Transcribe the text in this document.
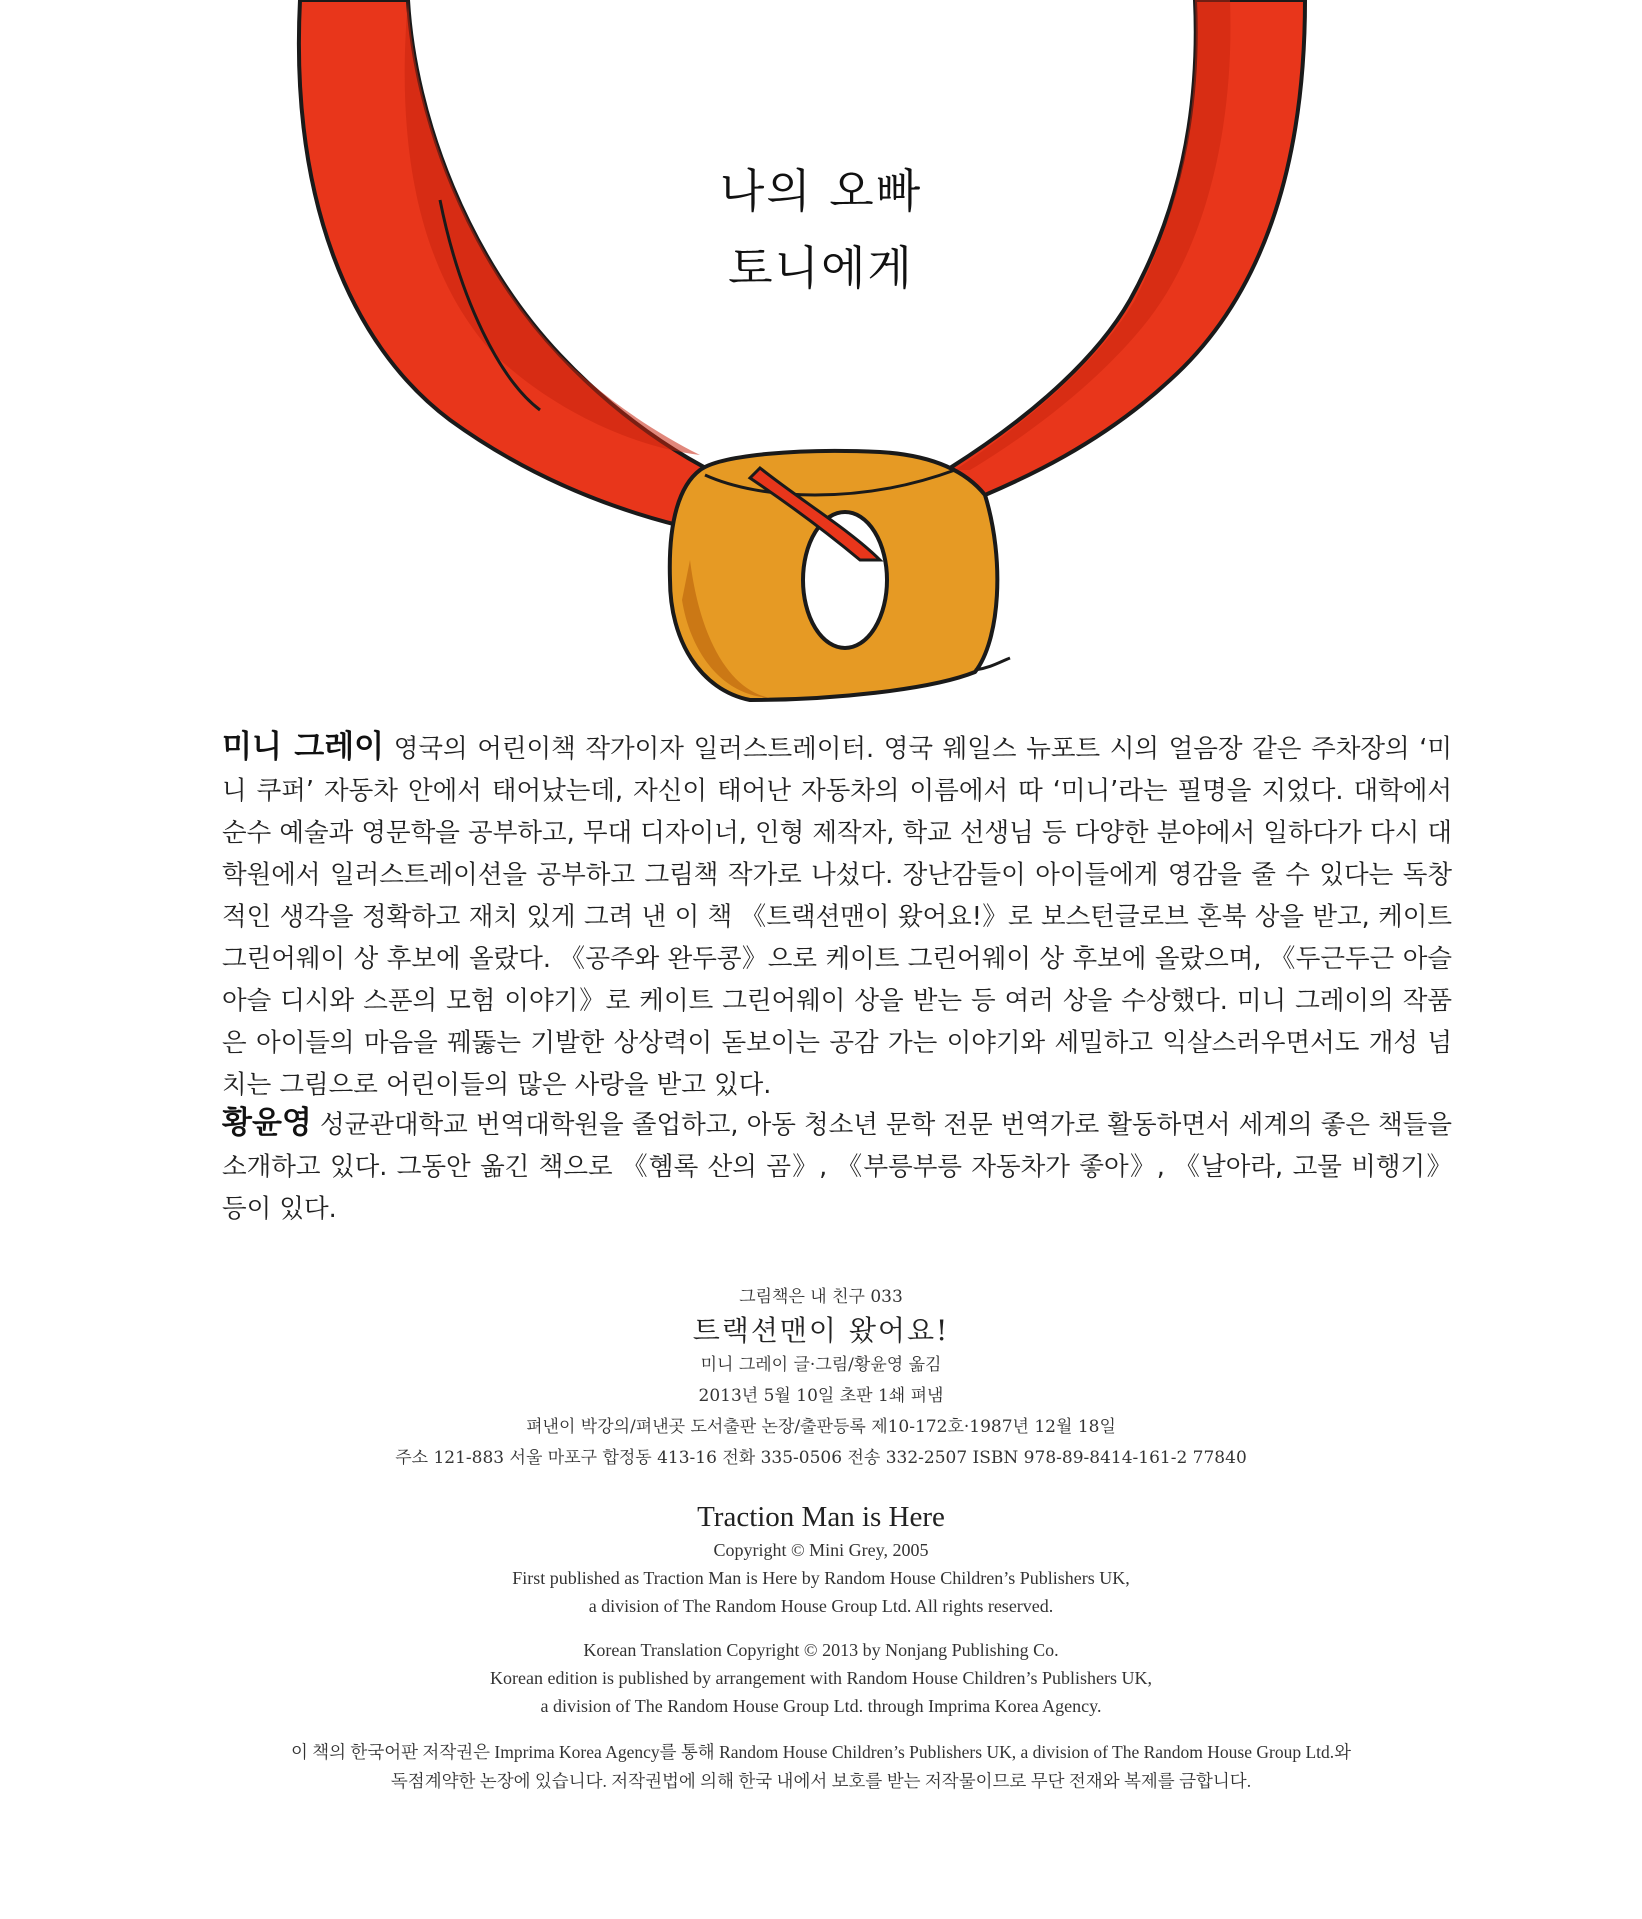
나의 오빠
토니에게

미니 그레이 영국의 어린이책 작가이자 일러스트레이터. 영국 웨일스 뉴포트 시의 얼음장 같은 주차장의 ‘미니 쿠퍼’ 자동차 안에서 태어났는데, 자신이 태어난 자동차의 이름에서 따 ‘미니’라는 필명을 지었다. 대학에서 순수 예술과 영문학을 공부하고, 무대 디자이너, 인형 제작자, 학교 선생님 등 다양한 분야에서 일하다가 다시 대학원에서 일러스트레이션을 공부하고 그림책 작가로 나섰다. 장난감들이 아이들에게 영감을 줄 수 있다는 독창적인 생각을 정확하고 재치 있게 그려 낸 이 책 《트랙션맨이 왔어요!》로 보스턴글로브 혼북 상을 받고, 케이트 그린어웨이 상 후보에 올랐다. 《공주와 완두콩》으로 케이트 그린어웨이 상 후보에 올랐으며, 《두근두근 아슬아슬 디시와 스푼의 모험 이야기》로 케이트 그린어웨이 상을 받는 등 여러 상을 수상했다. 미니 그레이의 작품은 아이들의 마음을 꿰뚫는 기발한 상상력이 돋보이는 공감 가는 이야기와 세밀하고 익살스러우면서도 개성 넘치는 그림으로 어린이들의 많은 사랑을 받고 있다.

황윤영 성균관대학교 번역대학원을 졸업하고, 아동 청소년 문학 전문 번역가로 활동하면서 세계의 좋은 책들을 소개하고 있다. 그동안 옮긴 책으로 《혬록 산의 곰》, 《부릉부릉 자동차가 좋아》, 《날아라, 고물 비행기》 등이 있다.

그림책은 내 친구 033
트랙션맨이 왔어요!
미니 그레이 글·그림/황윤영 옮김
2013년 5월 10일 초판 1쇄 펴냄
펴낸이 박강의/펴낸곳 도서출판 논장/출판등록 제10-172호·1987년 12월 18일
주소 121-883 서울 마포구 합정동 413-16 전화 335-0506 전송 332-2507 ISBN 978-89-8414-161-2 77840
Traction Man is Here
Copyright © Mini Grey, 2005
First published as Traction Man is Here by Random House Children’s Publishers UK,
a division of The Random House Group Ltd. All rights reserved.
Korean Translation Copyright © 2013 by Nonjang Publishing Co.
Korean edition is published by arrangement with Random House Children’s Publishers UK,
a division of The Random House Group Ltd. through Imprima Korea Agency.
이 책의 한국어판 저작권은 Imprima Korea Agency를 통해 Random House Children’s Publishers UK, a division of The Random House Group Ltd.와
독점계약한 논장에 있습니다. 저작권법에 의해 한국 내에서 보호를 받는 저작물이므로 무단 전재와 복제를 금합니다.
